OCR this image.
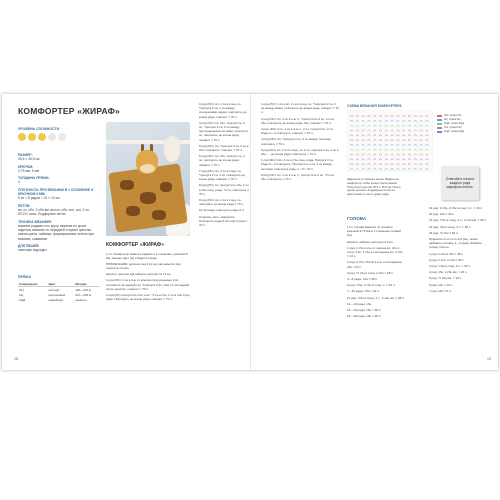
КОМФОРТЕР «ЖИРАФ»
УРОВЕНЬ СЛОЖНОСТИ
РАЗМЕР:
45,5 × 45,5 см
КРЮЧКИ:
3,75 мм, 5 мм
ТОЛЩИНА ПРЯЖИ:
4
ПЛОТНОСТЬ ПРИ ВЯЗАНИИ В 1 СЛОЖЕНИЕ И КРЮЧКОМ 5 ММ:
5 сн × 8 рядов = 10 × 10 см
ПЕТЛИ:
вп, сс, сбн, 2 сбн вм, вытсн, сбн, псн, ссн, 2 сн, ПССН, пико, бордюрные петли
ТЕХНИКА ВЯЗАНИЯ:
вязание рядами и по кругу, вязание по кроке изделия, вязание по передней стороне цепочки, смена цвета, набивка, формирование петель при вязании, сшивание
ДЛЯ ПЕШЕЙ:
пасечник подходит
КОМФОРТЕР «ЖИРАФ»

1 кл. Комфортер вяжется рядами в 1 сложение, крючком 5 мм, сменяя цвет (Ц) и КЦД по схеме.

ПРИМЕЧАНИЕ: цепочка под 2 вп не учитывается при подсчете петель.

Начало: цепочки ЦД набрать цепочку из 71 вп.

1 ряд (ИС): 2 сн в 4-ю от крючка (пропущенные 3 вп считаются за первый сн), *(пропуск 2 вп, сбн) по последней петле цепочки, поворот = 70 п.

2 ряд (ЛС) пропустить сбн, в вп: *2 сн в сбн, 2 сн в сбн след. ряда. Повторить до конца ряда, поворот = 70 п.

3 ряд (ИС): вп, 2 сн в след. сн, *пропуск 2 сн, 2 сн между следующими двумя, повторить до конца ряда, поворот = 70 п.

4 ряд (ЛС): вп, сбн, пропуск сн, 2 сн, *пропуск 2 сн, 2 сн между пропущенными петлями, пропуск 2 сн, повторить до конца ряда, поворот = 70 п.

5 ряд (ИС): вп, *пропуск 2 сн, 2 сн в сбн, повторить, поворот = 70 п.

6 ряд (ЛС): вп, сбн, пропуск сн, 2 сн, повторить до конца ряда, поворот = 70 п.

7 ряд (ИС): вп, 2 сн в след. сн, *пропуск 2 сн, 2 сн, повторить до конца ряда, поворот = 70 п.

8 ряд (ЛС): вп, пропустить сбн, 1 сн в сбн след. ряда, *2 сн, повторить = 70 п.

9 ряд (ИС): вп, 2 сн в след. сн, повторить до конца ряда = 70 п.

10-12 ряды: повторить ряды 2-4.

Отрезать нить, закрепить. Повторить ряды 5-12 ещё 3 раза = 70 п.

ПРЯЖА
Сокращение	Цвет	Метраж
ОЦ	желтый	190—220 м
КЦ	коричневый	210—250 м
КЦД	кофейный	немного
18

1 ряд (ЛС): 1 сн в вп, 2 сн в след. сн, *(пропуск 2 сн, 2 сн между ними), повторить до конца ряда, поворот = 70 п.

2 ряд (ИС): вп, 2 сн в 1-ю п., *пропустить 2 сн, 2 сн в сбн, повторить до конца ряда. ОЦ, поворот = 70 п.

4 ряд: ЭКС 3 сн, 1 сн в 3-ю п., 2 сн, пропустить 2 сн. Ряды 2—4 повторить, поворот = 70 п.

4 ряд (ИС): вп, *пропуск 2 сн, 2 сн между петлями, повторить = 70 п.

6 ряд (ЛС): вп, 2 сн в след. сн, 2 сн, пропуск 2 сн, 2 сн в сбн, ... до конца ряда, повторить = 70 п.

1 ряд ЭКС 3 вп, 2 сн в сбн след. ряда. Пропуск 2 сн. Ряды 2—4 повторить. Пропустить 2 сн, 2 сн между петлями, повторить ряды 1—5 = 70 п.

9 ряд (ИС): вп, 2 сн в 1-ю п., пропустить 2 сн, *2 сн в сбн. повторить = 70 п.

СХЕМА ВЯЗАНИЯ КОМФОРТЕРА
ОЦ: пряжа ОЦ
КЦ: пряжа КЦ
КЦД: пряжа КЦД
ОЦ: пряжа ОЦ
КЦД: пряжа КЦД
Закрепите и спрячьте нитью. Вяжите на комфортер чтобы затем стала ровной. Получится полотно 45,5 × 45,5 см. После нужно прошить бордюрные петли на расстоянии от них и длину ряда.
ГОЛОВА

1 кл. Голова вяжется по спирали крючком 3,75 мм в 1 сложение пряжей ОЦ.

Начало: набрать цепочку из 6 вп.

1 ряд: 2 сбн в 2-ю от крючка вп, сбн в след. 3 вп, 4 сбн в последнюю вп, 3 сбн = 14 п.

2 ряд: 2 сбн, ПССН в 3-ю и последнюю, сбн = 22 п.

3 ряд: *2 сбн в след. 2 сбн = 28 п.

4—5 ряды: сбн = 28 п.

6 ряд: *сбн, 2 сбн в след. п. = 34 п.

7—10 ряды: сбн = 34 п.

11 ряд: *сбн в след. 4 п., 2 сбн вм. = 28 п.

12—13 ряды: сбн.

14—15 ряды: сбн = 28 п.

16—18 ряды: сбн = 28 п.

Отмечайте начало каждого ряда маркером петель.

19 ряд: 2 сбн, 2 сбн в след. 4 п. = 40 п.

20 ряд: сбн = 40 п.

21 ряд: *сбн в след. 4 п., 2 сбн вм. = 48 п.

22 ряд: сбн в след. 4 п. = 48 п.

23 ряд: *2 сбн = 48 п.

Прервите со 2-го по 4-й ряд, затем набивать головку, 2—3 ряда. Набейте голову плотно.

1 ряд: 2 сбн в сбн = 48 п.

2 ряд: 2 сбн, в сбн = 40 п.

3 ряд: *сбн в след. 3 п. = 32 п.

4 ряд: сбн, 2 сбн вм. = 24 п.

5 ряд: *2 сбн вм. = 18 п.

6 ряд: сбн = 12 п.

7 ряд: сбн = 6 п.

19
